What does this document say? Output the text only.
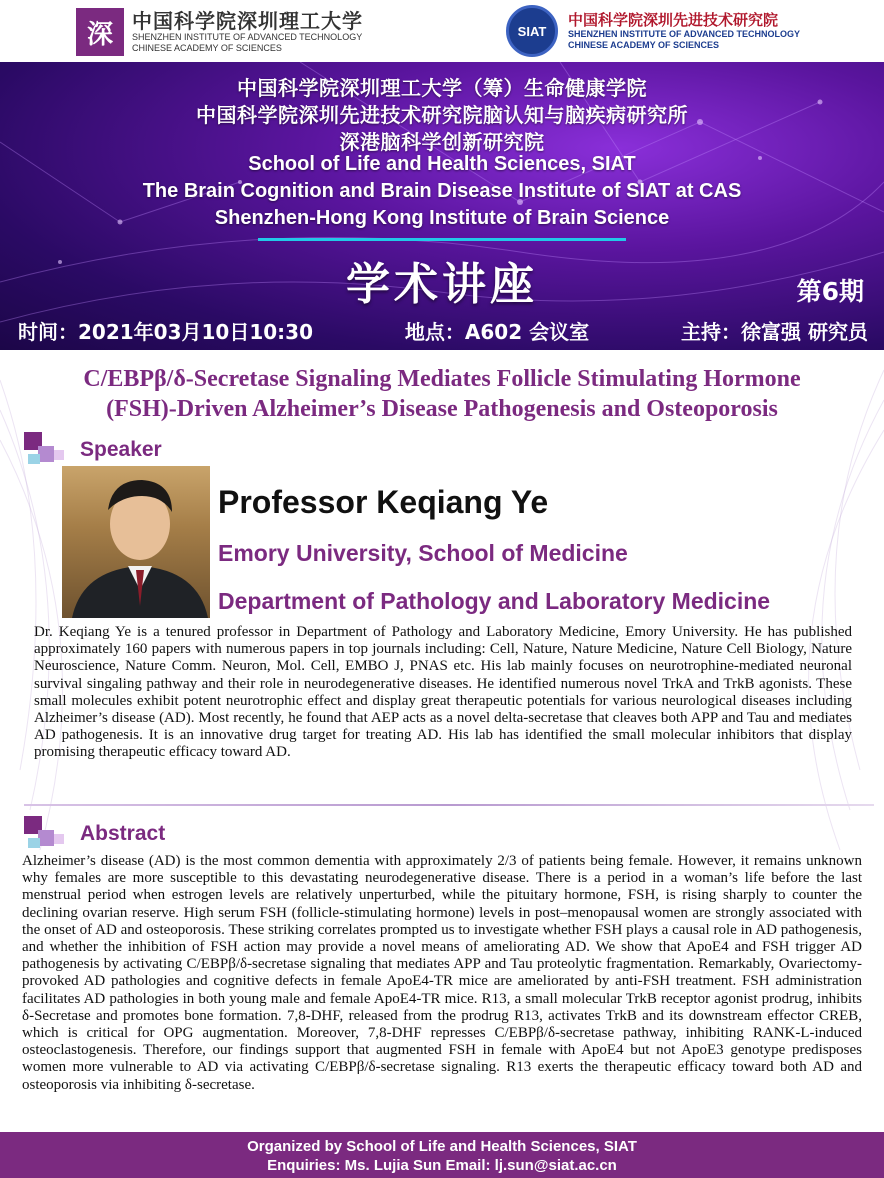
深 中国科学院深圳理工大学
SHENZHEN INSTITUTE OF ADVANCED TECHNOLOGY
CHINESE ACADEMY OF SCIENCES
SIAT
中国科学院深圳先进技术研究院
SHENZHEN INSTITUTE OF ADVANCED TECHNOLOGY
CHINESE ACADEMY OF SCIENCES
中国科学院深圳理工大学（筹）生命健康学院
中国科学院深圳先进技术研究院脑认知与脑疾病研究所
深港脑科学创新研究院
School of Life and Health Sciences, SIAT
The Brain Cognition and Brain Disease Institute of SIAT at CAS
Shenzhen-Hong Kong Institute of Brain Science
学术讲座	第6期
时间：2021年03月10日10:30	地点：A602 会议室	主持：徐富强 研究员
C/EBPβ/δ-Secretase Signaling Mediates Follicle Stimulating Hormone
(FSH)-Driven Alzheimer’s Disease Pathogenesis and Osteoporosis
Speaker
Professor Keqiang Ye
Emory University, School of Medicine
Department of Pathology and Laboratory Medicine
Dr. Keqiang Ye is a tenured professor in Department of Pathology and Laboratory Medicine, Emory University. He has published approximately 160 papers with numerous papers in top journals including: Cell, Nature, Nature Medicine, Nature Cell Biology, Nature Neuroscience, Nature Comm. Neuron, Mol. Cell, EMBO J, PNAS etc. His lab mainly focuses on neurotrophine-mediated neuronal survival singaling pathway and their role in neurodegenerative diseases. He identified numerous novel TrkA and TrkB agonists. These small molecules exhibit potent neurotrophic effect and display great therapeutic potentials for various neurological diseases including Alzheimer’s disease (AD). Most recently, he found that AEP acts as a novel delta-secretase that cleaves both APP and Tau and mediates AD pathogenesis. It is an innovative drug target for treating AD. His lab has identified the small molecular inhibitors that display promising therapeutic efficacy toward AD.
Abstract
Alzheimer’s disease (AD) is the most common dementia with approximately 2/3 of patients being female. However, it remains unknown why females are more susceptible to this devastating neurodegenerative disease. There is a period in a woman’s life before the last menstrual period when estrogen levels are relatively unperturbed, while the pituitary hormone, FSH, is rising sharply to counter the declining ovarian reserve. High serum FSH (follicle-stimulating hormone) levels in post–menopausal women are strongly associated with the onset of AD and osteoporosis. These striking correlates prompted us to investigate whether FSH plays a causal role in AD pathogenesis, and whether the inhibition of FSH action may provide a novel means of ameliorating AD. We show that ApoE4 and FSH trigger AD pathogenesis by activating C/EBPβ/δ-secretase signaling that mediates APP and Tau proteolytic fragmentation. Remarkably, Ovariectomy-provoked AD pathologies and cognitive defects in female ApoE4-TR mice are ameliorated by anti-FSH treatment. FSH administration facilitates AD pathologies in both young male and female ApoE4-TR mice. R13, a small molecular TrkB receptor agonist prodrug, inhibits δ-Secretase and promotes bone formation. 7,8-DHF, released from the prodrug R13, activates TrkB and its downstream effector CREB, which is critical for OPG augmentation. Moreover, 7,8-DHF represses C/EBPβ/δ-secretase pathway, inhibiting RANK-L-induced osteoclastogenesis. Therefore, our findings support that augmented FSH in female with ApoE4 but not ApoE3 genotype predisposes women more vulnerable to AD via activating C/EBPβ/δ-secretase signaling. R13 exerts the therapeutic efficacy toward both AD and osteoporosis via inhibiting δ-secretase.
Organized by School of Life and Health Sciences, SIAT
Enquiries: Ms. Lujia Sun Email: lj.sun@siat.ac.cn
